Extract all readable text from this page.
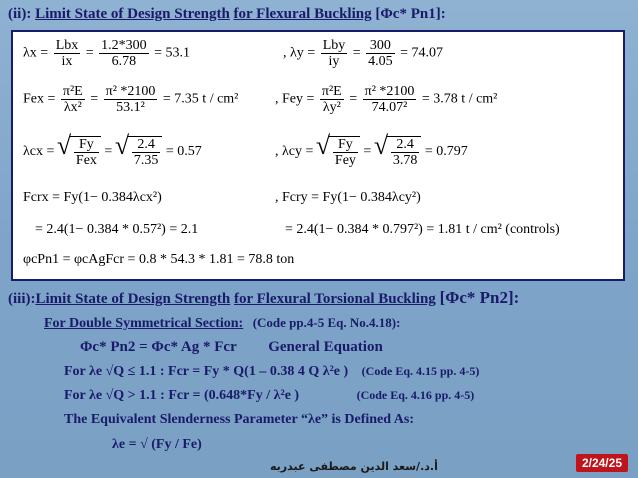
(ii): Limit State of Design Strength for Flexural Buckling [Φc* Pn1]:
$\lambda x = \frac{\text{Lbx}}{ix} = \frac{1.2*300}{6.78} = 53.1$	, $\lambda y = \frac{\text{Lby}}{iy} = \frac{300}{4.05} = 74.07$
Fex = $\frac{\text{π²E}}{\text{λx²}} = \frac{\text{π² *2100}}{\text{53.1²}} = 7.35$ t / cm²	, Fey = $\frac{\text{π²E}}{\text{λy²}} = \frac{\text{π² *2100}}{\text{74.07²}} = 3.78$ t / cm²
λcx = √ $\frac{Fy}{\text{Fex}}$ = √ $\frac{2.4}{7.35} = 0.57$	, λcy = √ $\frac{Fy}{\text{Fey}}$ = √ $\frac{2.4}{3.78} = 0.797$
Fcrx = Fy(1− 0.384λcx²)	, Fcry = Fy(1− 0.384λcy²)
= 2.4(1− 0.384 * 0.57²) = 2.1	= 2.4(1− 0.384 * 0.797²) = 1.81 t / cm² (controls)
φcPn1 = φcAgFcr = 0.8 * 54.3 * 1.81 = 78.8 ton
(iii):Limit State of Design Strength for Flexural Torsional Buckling [Φc* Pn2]:
For Double Symmetrical Section: (Code pp.4-5 Eq. No.4.18):
Φc* Pn2 = Φc* Ag * Fcr General Equation
For λe √Q ≤ 1.1 : Fcr = Fy * Q(1 – 0.38 4 Q λ²e ) (Code Eq. 4.15 pp. 4-5)
For λe √Q > 1.1 : Fcr = (0.648*Fy / λ²e )	(Code Eq. 4.16 pp. 4-5)
The Equivalent Slenderness Parameter “λe” is Defined As:
λe = √ (Fy / Fe)
أ.د./سعد الدين مصطفى عبدربه	2/24/25
